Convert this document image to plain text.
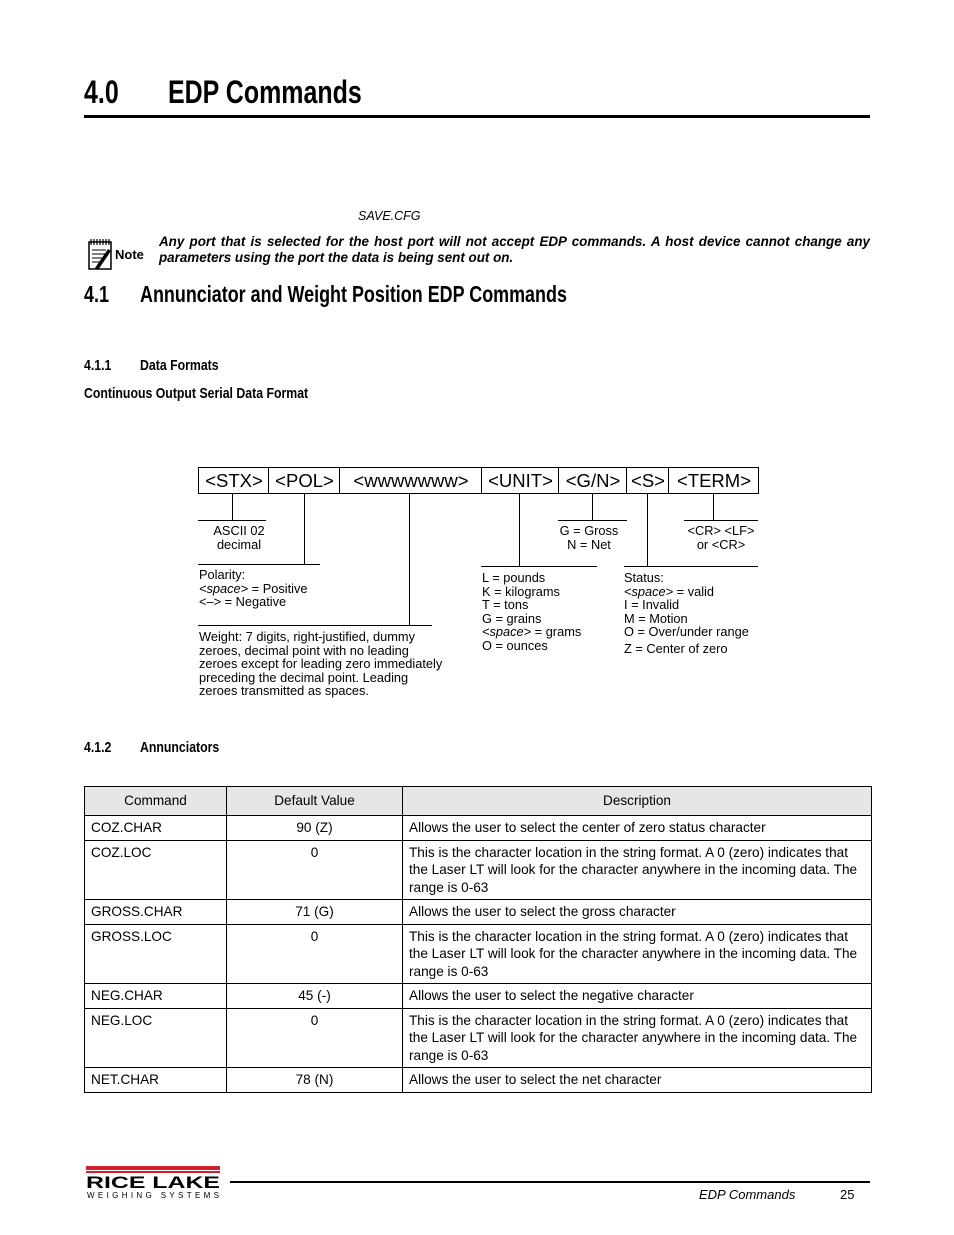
4.0 EDP Commands
SAVE.CFG
Note
Any port that is selected for the host port will not accept EDP commands. A host device cannot change any parameters using the port the data is being sent out on.
4.1 Annunciator and Weight Position EDP Commands
4.1.1 Data Formats
Continuous Output Serial Data Format
<STX> <POL>	<wwwwwww>	<UNIT> <G/N> <S> <TERM>
ASCII 02
decimal
Polarity:
<space> = Positive
<–> = Negative
Weight: 7 digits, right-justified, dummy
zeroes, decimal point with no leading
zeroes except for leading zero immediately
preceding the decimal point. Leading
zeroes transmitted as spaces.
L = pounds
K = kilograms
T = tons
G = grains
<space> = grams
O = ounces
G = Gross
N = Net
Status:
<space> = valid
I = Invalid
M = Motion
O = Over/under range
Z = Center of zero
<CR> <LF>
or <CR>
4.1.2 Annunciators
Command	Default Value	Description
COZ.CHAR	90 (Z)	Allows the user to select the center of zero status character
COZ.LOC	0	This is the character location in the string format. A 0 (zero) indicates that the Laser LT will look for the character anywhere in the incoming data. The range is 0-63
GROSS.CHAR	71 (G)	Allows the user to select the gross character
GROSS.LOC	0	This is the character location in the string format. A 0 (zero) indicates that the Laser LT will look for the character anywhere in the incoming data. The range is 0-63
NEG.CHAR	45 (-)	Allows the user to select the negative character
NEG.LOC	0	This is the character location in the string format. A 0 (zero) indicates that the Laser LT will look for the character anywhere in the incoming data. The range is 0-63
NET.CHAR	78 (N)	Allows the user to select the net character
RICE LAKE
WEIGHING SYSTEMS	EDP Commands	25
